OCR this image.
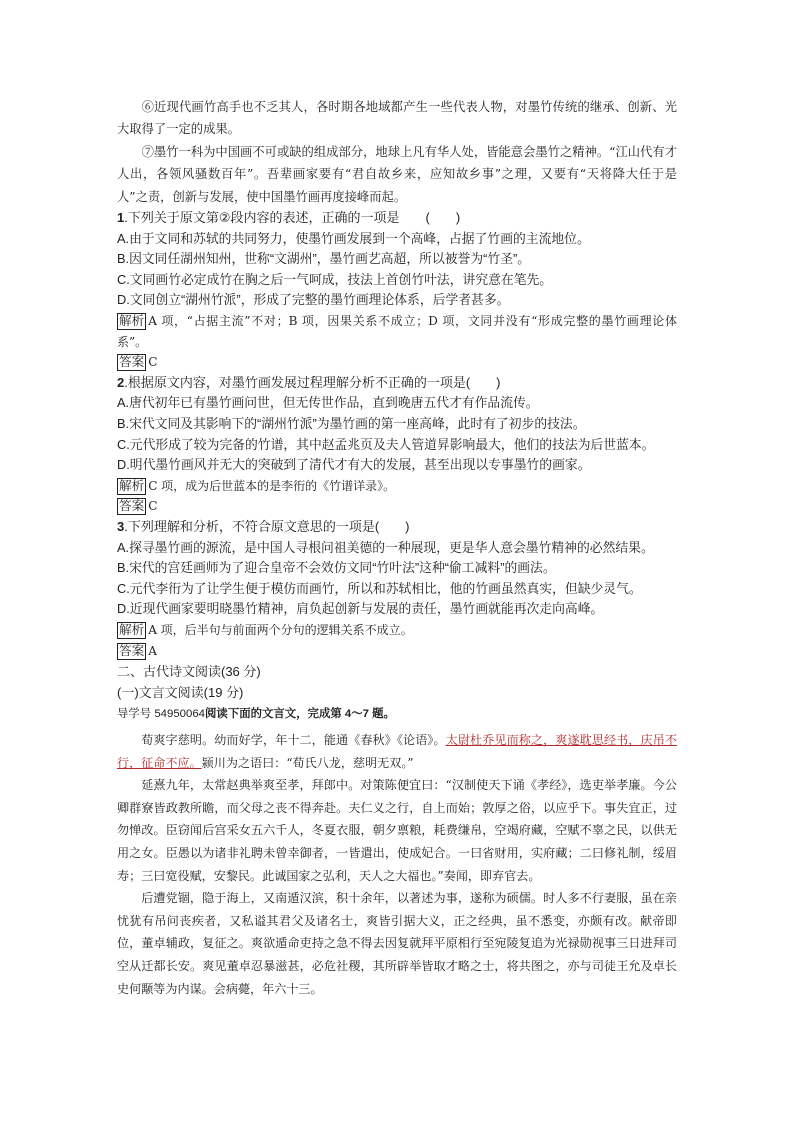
⑥近现代画竹高手也不乏其人，各时期各地域都产生一些代表人物，对墨竹传统的继承、创新、光大取得了一定的成果。

⑦墨竹一科为中国画不可或缺的组成部分，地球上凡有华人处，皆能意会墨竹之精神。“江山代有才人出，各领风骚数百年”。吾辈画家要有“君自故乡来，应知故乡事”之理，又要有“天将降大任于是人”之责，创新与发展，使中国墨竹画再度接峰而起。

1.下列关于原文第②段内容的表述，正确的一项是　　(　　)

A.由于文同和苏轼的共同努力，使墨竹画发展到一个高峰，占据了竹画的主流地位。

B.因文同任湖州知州，世称“文湖州”，墨竹画艺高超，所以被誉为“竹圣”。

C.文同画竹必定成竹在胸之后一气呵成，技法上首创竹叶法，讲究意在笔先。

D.文同创立“湖州竹派”，形成了完整的墨竹画理论体系，后学者甚多。

解析 A 项，“占据主流”不对；B 项，因果关系不成立；D 项，文同并没有“形成完整的墨竹画理论体系”。

答案 C

2.根据原文内容，对墨竹画发展过程理解分析不正确的一项是(　　)

A.唐代初年已有墨竹画问世，但无传世作品，直到晚唐五代才有作品流传。

B.宋代文同及其影响下的“湖州竹派”为墨竹画的第一座高峰，此时有了初步的技法。

C.元代形成了较为完备的竹谱，其中赵孟兆页及夫人管道昇影响最大，他们的技法为后世蓝本。

D.明代墨竹画风并无大的突破到了清代才有大的发展，甚至出现以专事墨竹的画家。

解析 C 项，成为后世蓝本的是李衎的《竹谱详录》。

答案 C

3.下列理解和分析，不符合原文意思的一项是(　　)

A.探寻墨竹画的源流，是中国人寻根问祖美德的一种展现，更是华人意会墨竹精神的必然结果。

B.宋代的宫廷画师为了迎合皇帝不会效仿文同“竹叶法”这种“偷工减料”的画法。

C.元代李衎为了让学生便于模仿而画竹，所以和苏轼相比，他的竹画虽然真实，但缺少灵气。

D.近现代画家要明晓墨竹精神，肩负起创新与发展的责任，墨竹画就能再次走向高峰。

解析 A 项，后半句与前面两个分句的逻辑关系不成立。

答案 A

二、古代诗文阅读(36 分)

(一)文言文阅读(19 分)

导学号 54950064阅读下面的文言文，完成第 4～7 题。

荀爽字慈明。幼而好学，年十二，能通《春秋》《论语》。太尉杜乔见而称之，爽遂耽思经书，庆吊不行，征命不应。颍川为之语曰：“荀氏八龙，慈明无双。”

延熹九年，太常赵典举爽至孝，拜郎中。对策陈便宜曰：“汉制使天下诵《孝经》，选吏举孝廉。今公卿群寮皆政教所瞻，而父母之丧不得奔赴。夫仁义之行，自上而始；敦厚之俗，以应乎下。事失宜正，过勿惮改。臣窃闻后宫采女五六千人，冬夏衣服，朝夕禀粮，耗费缣帛，空竭府藏，空赋不辜之民，以供无用之女。臣愚以为诸非礼聘未曾幸御者，一皆遣出，使成妃合。一曰省财用，实府藏；二曰修礼制，绥眉寿；三曰宽役赋，安黎民。此诚国家之弘利，天人之大福也。”奏闻，即弃官去。

后遭党锢，隐于海上，又南遁汉滨，积十余年，以著述为事，遂称为硕儒。时人多不行妻服，虽在亲忧犹有吊问丧疾者，又私谥其君父及诸名士，爽皆引据大义，正之经典，虽不悉变，亦颇有改。献帝即位，董卓辅政，复征之。爽欲遁命吏持之急不得去因复就拜平原相行至宛陵复追为光禄勋视事三日进拜司空从迁都长安。爽见董卓忍暴滋甚，必危社稷，其所辟举皆取才略之士，将共图之，亦与司徒王允及卓长史何颙等为内谋。会病薨，年六十三。
